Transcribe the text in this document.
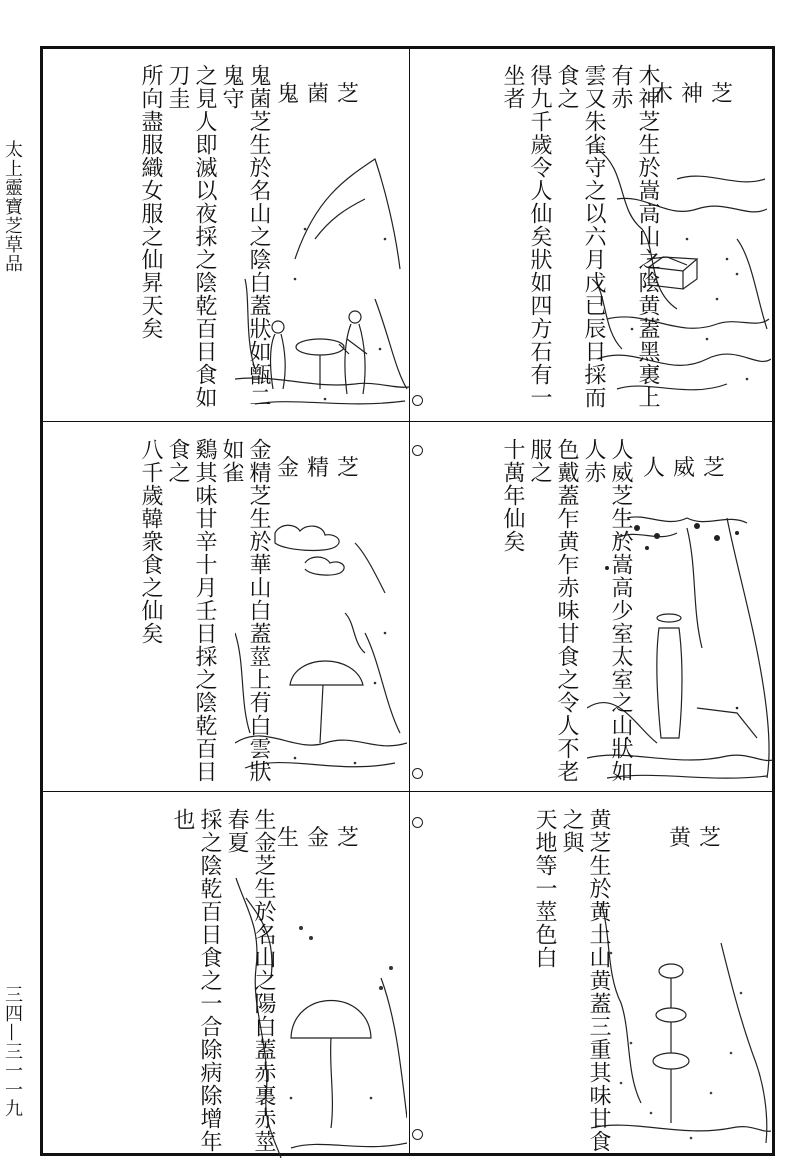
太上靈寶芝草品
三四—三一一九
木神芝
木神芝生於嵩高山之陰黄蓋黑裏上有赤
雲又朱雀守之以六月戊已辰日採而食之
得九千歲令人仙矣狀如四方石有一坐者
鬼菌芝
鬼菌芝生於名山之陰白蓋狀如甑二鬼守
之見人即滅以夜採之陰乾百日食如刀圭
所向盡服織女服之仙昇天矣
人威芝
人威芝生於嵩高少室太室之山狀如人赤
色戴蓋乍黄乍赤味甘食之令人不老服之
十萬年仙矣
金精芝
金精芝生於華山白蓋莖上有白雲狀如雀
鷄其味甘辛十月壬日採之陰乾百日食之
八千歲韓衆食之仙矣
黄芝
黄芝生於黄土山黄蓋三重其味甘食之與
天地等一莖色白
生金芝
生金芝生於名山之陽白蓋赤裏赤莖春夏
採之陰乾百日食之一合除病除增年也
